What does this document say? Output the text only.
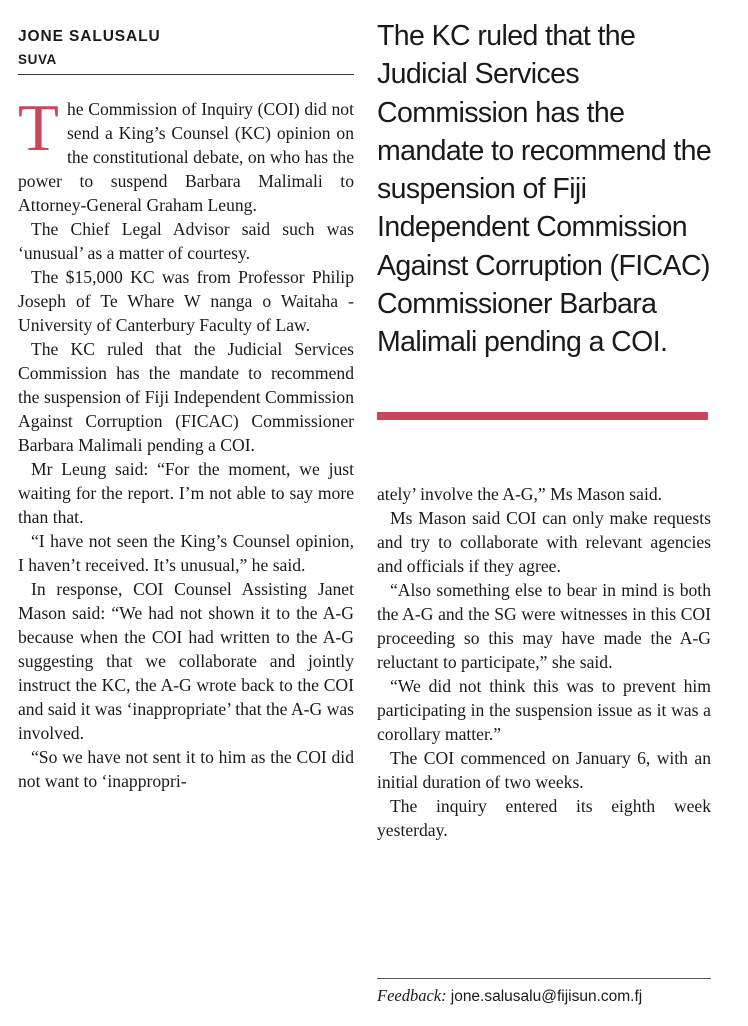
JONE SALUSALU
SUVA

The Commission of Inquiry (COI) did not send a King’s Counsel (KC) opinion on the constitutional debate, on who has the power to suspend Barbara Malimali to Attorney-General Graham Leung.

The Chief Legal Advisor said such was ‘unusual’ as a matter of courtesy.

The $15,000 KC was from Professor Philip Joseph of Te Whare W nanga o Waitaha - University of Canterbury Faculty of Law.

The KC ruled that the Judicial Services Commission has the mandate to recommend the suspension of Fiji Independent Commission Against Corruption (FICAC) Commissioner Barbara Malimali pending a COI.

Mr Leung said: “For the moment, we just waiting for the report. I’m not able to say more than that.

“I have not seen the King’s Counsel opinion, I haven’t received. It’s unusual,” he said.

In response, COI Counsel Assisting Janet Mason said: “We had not shown it to the A-G because when the COI had written to the A-G suggesting that we collaborate and jointly instruct the KC, the A-G wrote back to the COI and said it was ‘inappropriate’ that the A-G was involved.

“So we have not sent it to him as the COI did not want to ‘inappropri-

The KC ruled that the Judicial Services Commission has the mandate to recommend the suspension of Fiji Independent Commission Against Corruption (FICAC) Commissioner Barbara Malimali pending a COI.

ately’ involve the A-G,” Ms Mason said.

Ms Mason said COI can only make requests and try to collaborate with relevant agencies and officials if they agree.

“Also something else to bear in mind is both the A-G and the SG were witnesses in this COI proceeding so this may have made the A-G reluctant to participate,” she said.

“We did not think this was to prevent him participating in the suspension issue as it was a corollary matter.”

The COI commenced on January 6, with an initial duration of two weeks.

The inquiry entered its eighth week yesterday.

Feedback: jone.salusalu@fijisun.com.fj
